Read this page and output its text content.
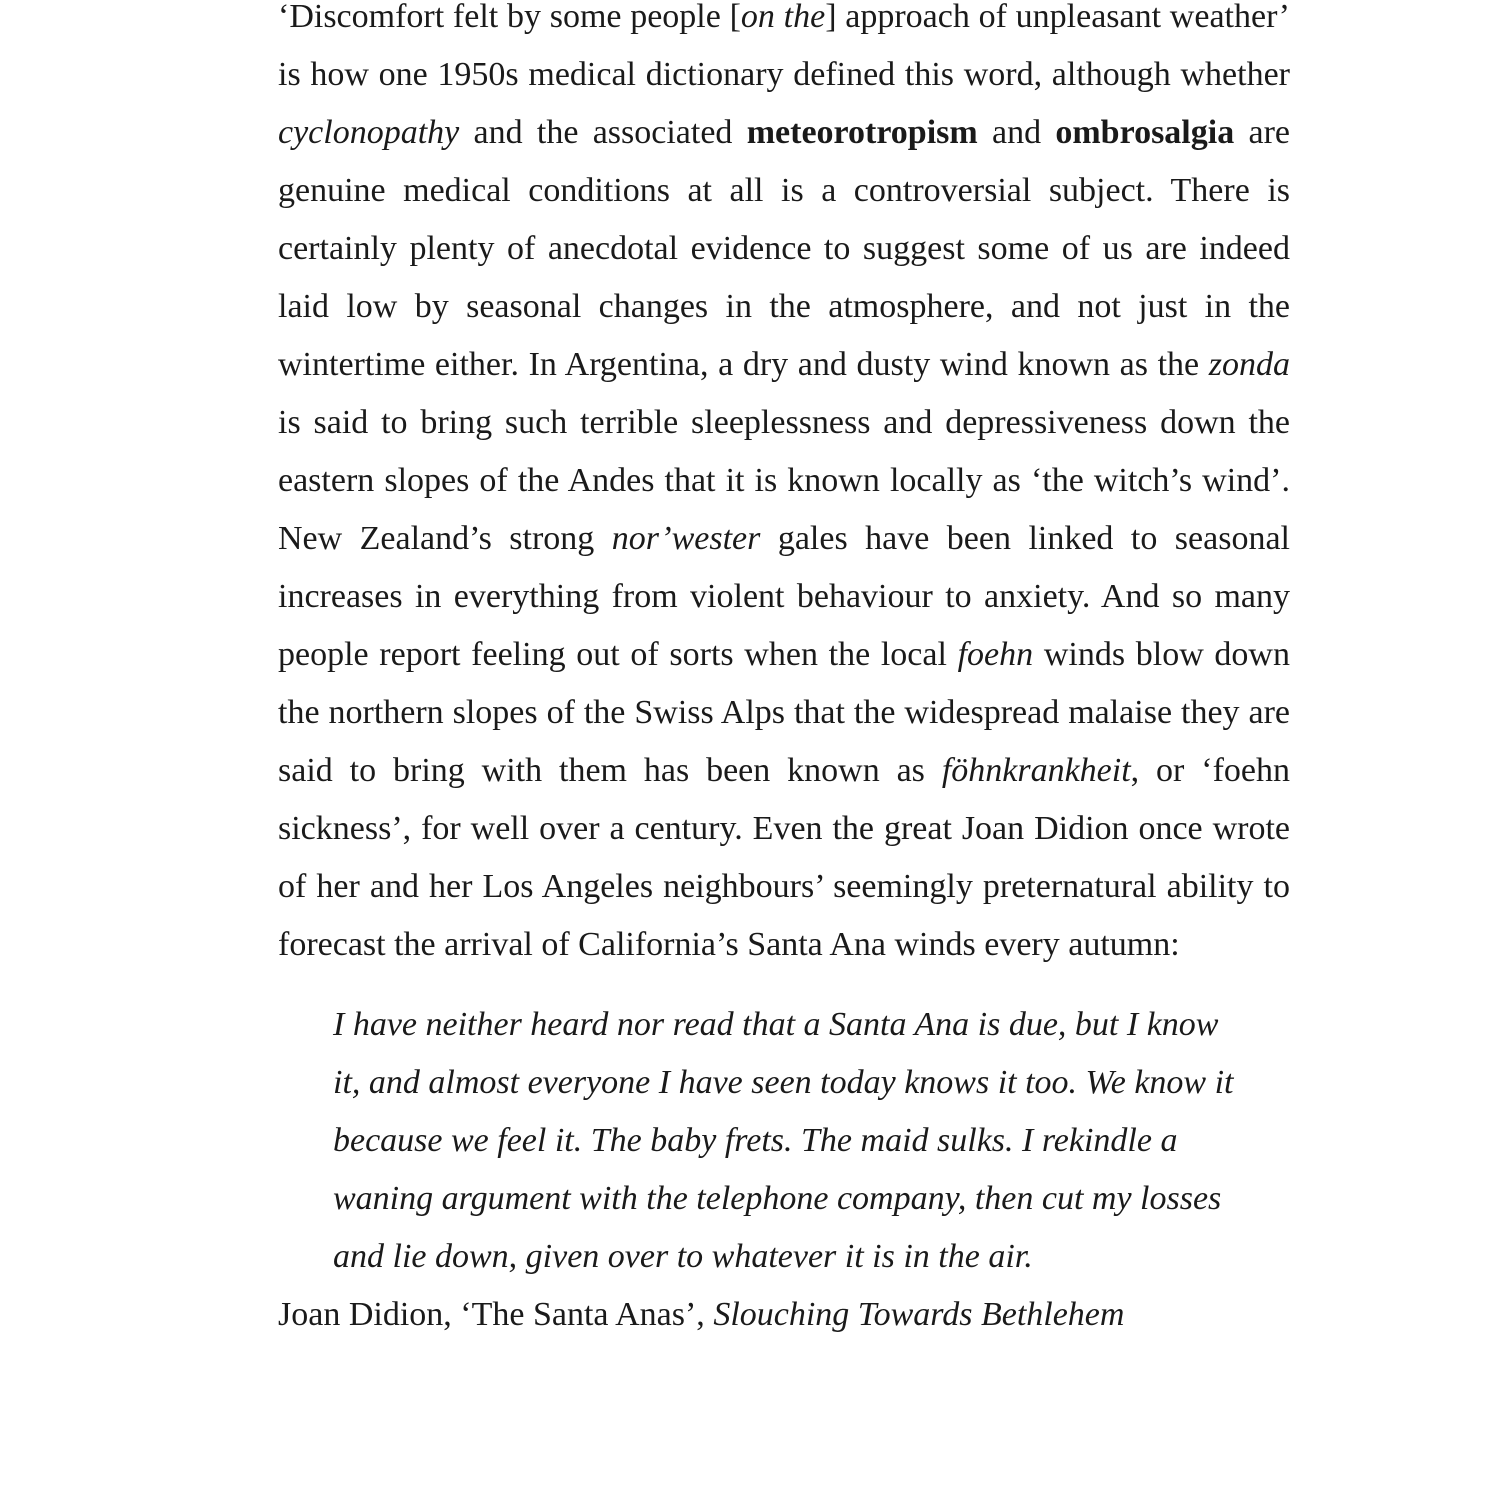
‘Discomfort felt by some people [on the] approach of unpleasant weather’ is how one 1950s medical dictionary defined this word, although whether cyclonopathy and the associated meteorotropism and ombrosalgia are genuine medical conditions at all is a controversial subject. There is certainly plenty of anecdotal evidence to suggest some of us are indeed laid low by seasonal changes in the atmosphere, and not just in the wintertime either. In Argentina, a dry and dusty wind known as the zonda is said to bring such terrible sleeplessness and depressiveness down the eastern slopes of the Andes that it is known locally as ‘the witch’s wind’. New Zealand’s strong nor’wester gales have been linked to seasonal increases in everything from violent behaviour to anxiety. And so many people report feeling out of sorts when the local foehn winds blow down the northern slopes of the Swiss Alps that the widespread malaise they are said to bring with them has been known as föhnkrankheit, or ‘foehn sickness’, for well over a century. Even the great Joan Didion once wrote of her and her Los Angeles neighbours’ seemingly preternatural ability to forecast the arrival of California’s Santa Ana winds every autumn:

I have neither heard nor read that a Santa Ana is due, but I know it, and almost everyone I have seen today knows it too. We know it because we feel it. The baby frets. The maid sulks. I rekindle a waning argument with the telephone company, then cut my losses and lie down, given over to whatever it is in the air.

Joan Didion, ‘The Santa Anas’, Slouching Towards Bethlehem
